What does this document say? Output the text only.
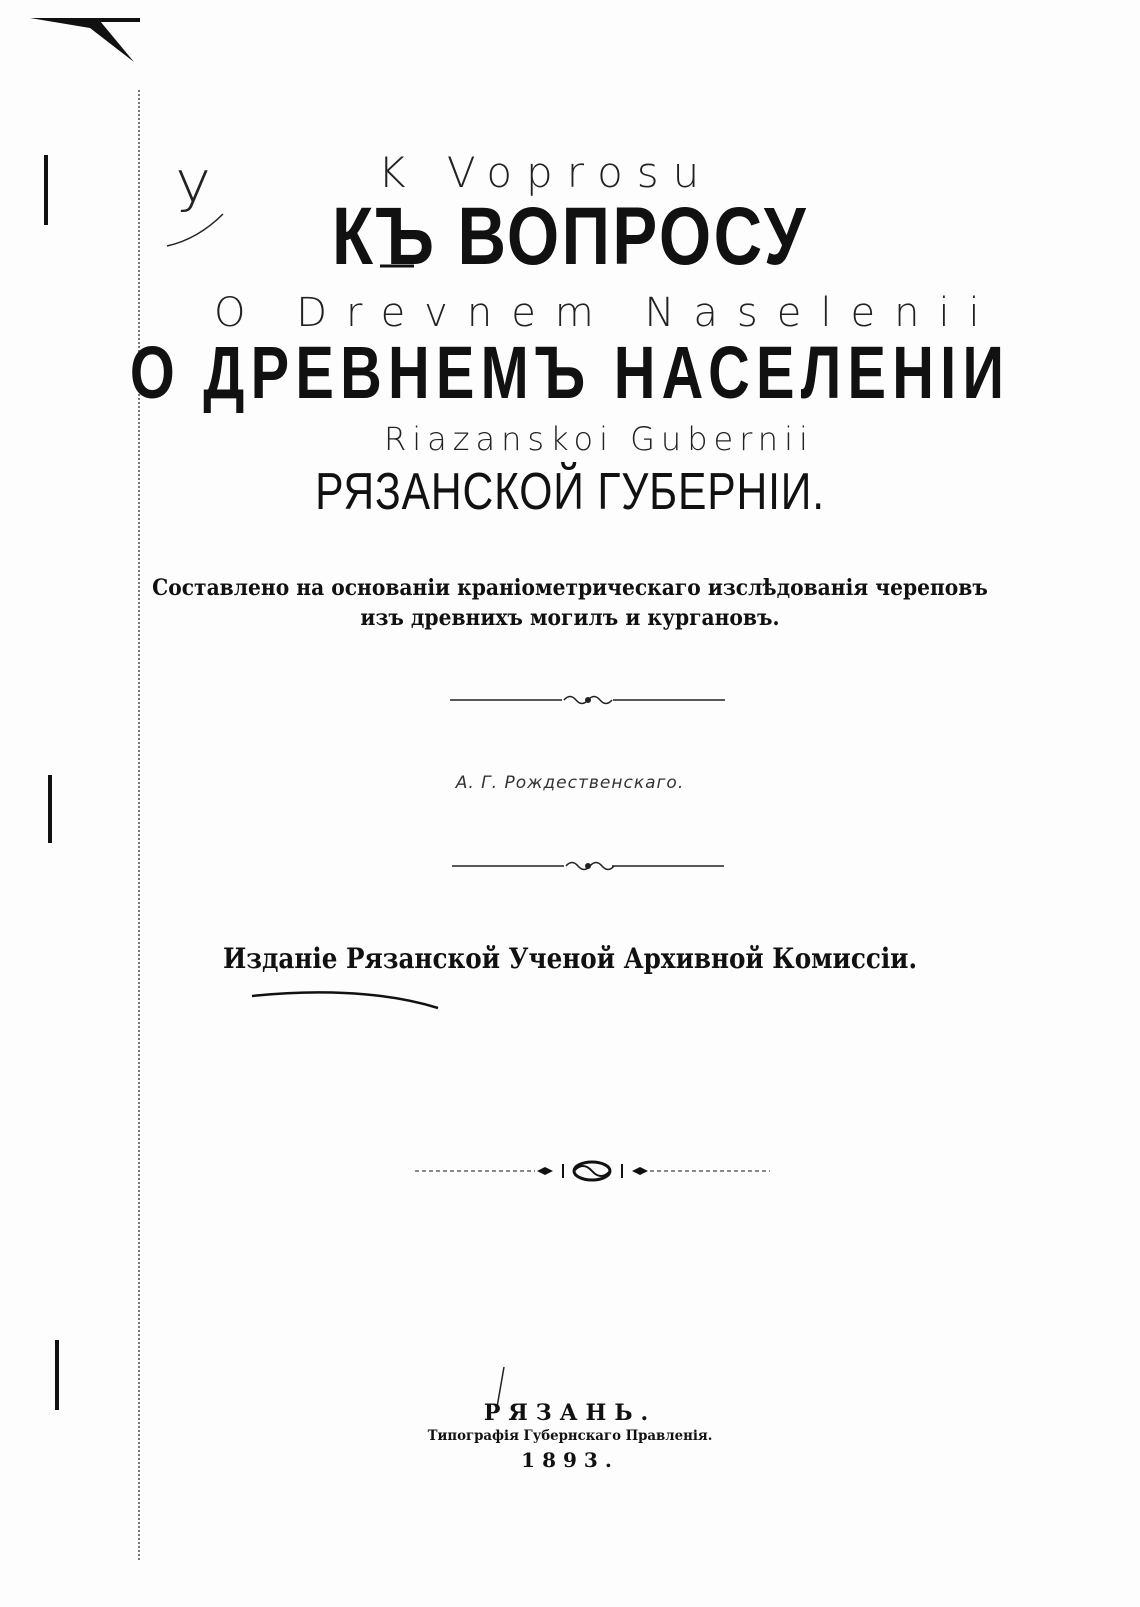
У	K Voprosu
O Drevnem Naselenii
Riazanskoi Gubernii
КЪ ВОПРОСУ
О ДРЕВНЕМЪ НАСЕЛЕНIИ
РЯЗАНСКОЙ ГУБЕРНIИ.
Составлено на основанiи кранiометрическаго изслѣдованiя череповъ
изъ древнихъ могилъ и кургановъ.
А. Г. Рождественскаго.
Изданiе Рязанской Ученой Архивной Комиссiи.
РЯЗАНЬ.
Типографiя Губернскаго Правленiя.
1893.
